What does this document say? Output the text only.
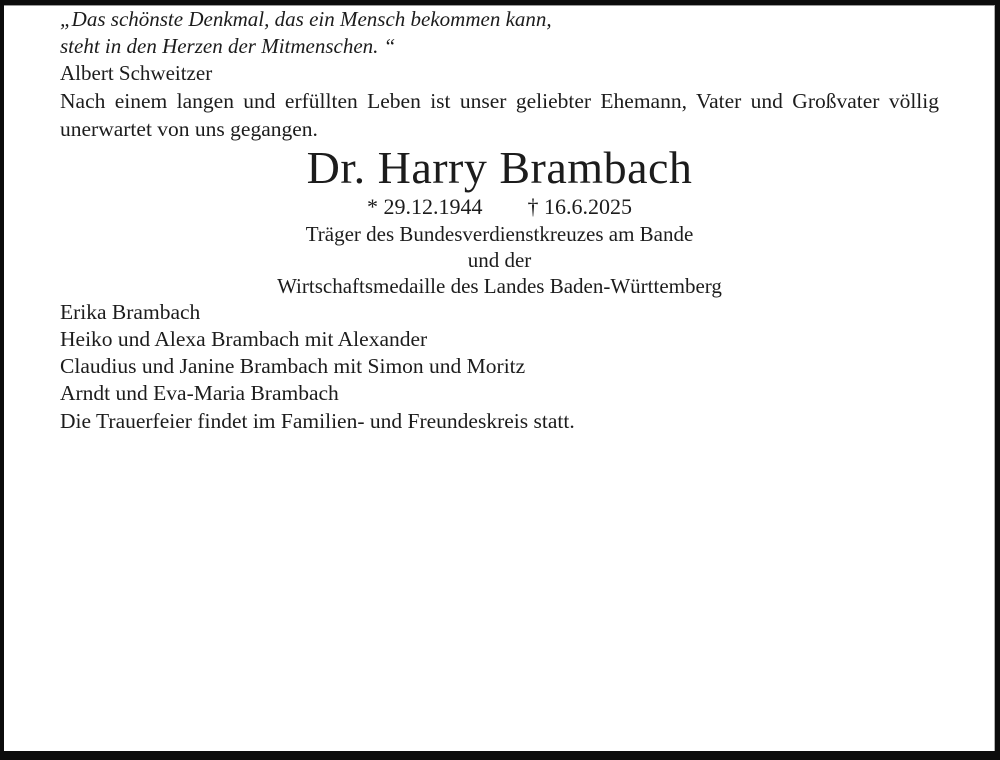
„Das schönste Denkmal, das ein Mensch bekommen kann,
steht in den Herzen der Mitmenschen. “
Albert Schweitzer
Nach einem langen und erfüllten Leben ist unser geliebter Ehemann, Vater und Großvater völlig
unerwartet von uns gegangen.
Dr. Harry Brambach
* 29.12.1944 † 16.6.2025
Träger des Bundesverdienstkreuzes am Bande
und der
Wirtschaftsmedaille des Landes Baden-Württemberg
Erika Brambach
Heiko und Alexa Brambach mit Alexander
Claudius und Janine Brambach mit Simon und Moritz
Arndt und Eva-Maria Brambach
Die Trauerfeier findet im Familien- und Freundeskreis statt.
